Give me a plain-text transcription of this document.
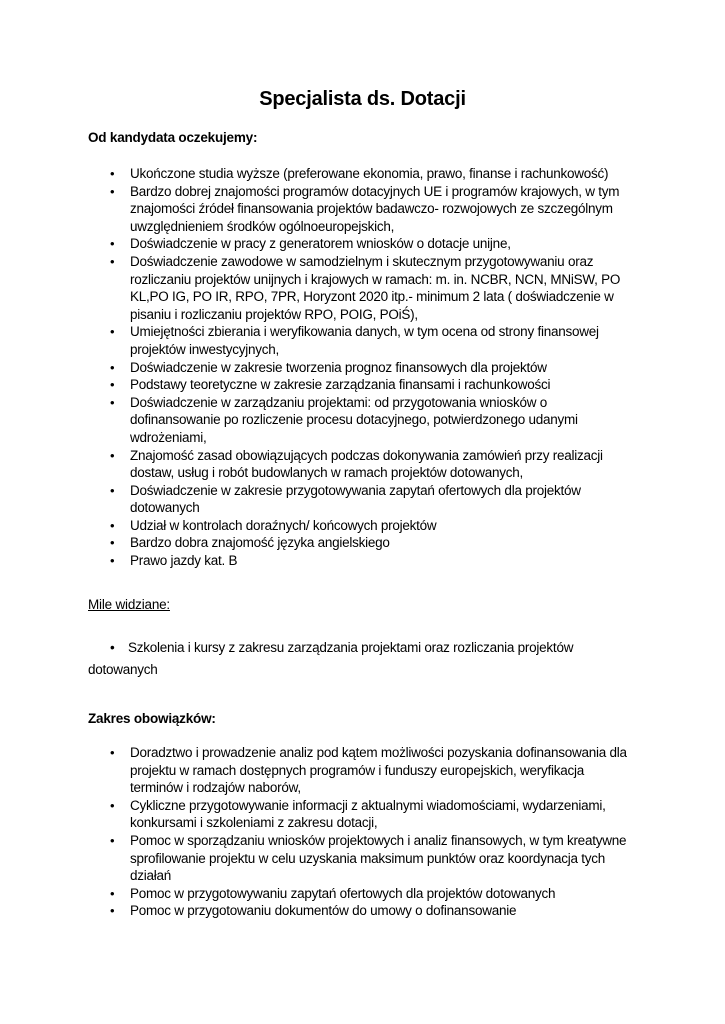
Specjalista ds. Dotacji
Od kandydata oczekujemy:
• Ukończone studia wyższe (preferowane ekonomia, prawo, finanse i rachunkowość)
• Bardzo dobrej znajomości programów dotacyjnych UE i programów krajowych, w tym znajomości źródeł finansowania projektów badawczo- rozwojowych ze szczególnym uwzględnieniem środków ogólnoeuropejskich,
• Doświadczenie w pracy z generatorem wniosków o dotacje unijne,
• Doświadczenie zawodowe w samodzielnym i skutecznym przygotowywaniu oraz rozliczaniu projektów unijnych i krajowych w ramach: m. in. NCBR, NCN, MNiSW, PO KL,PO IG, PO IR, RPO, 7PR, Horyzont 2020 itp.- minimum 2 lata ( doświadczenie w pisaniu i rozliczaniu projektów RPO, POIG, POiŚ),
• Umiejętności zbierania i weryfikowania danych, w tym ocena od strony finansowej projektów inwestycyjnych,
• Doświadczenie w zakresie tworzenia prognoz finansowych dla projektów
• Podstawy teoretyczne w zakresie zarządzania finansami i rachunkowości
• Doświadczenie w zarządzaniu projektami: od przygotowania wniosków o dofinansowanie po rozliczenie procesu dotacyjnego, potwierdzonego udanymi wdrożeniami,
• Znajomość zasad obowiązujących podczas dokonywania zamówień przy realizacji dostaw, usług i robót budowlanych w ramach projektów dotowanych,
• Doświadczenie w zakresie przygotowywania zapytań ofertowych dla projektów dotowanych
• Udział w kontrolach doraźnych/ końcowych projektów
• Bardzo dobra znajomość języka angielskiego
• Prawo jazdy kat. B
Mile widziane:
• Szkolenia i kursy z zakresu zarządzania projektami oraz rozliczania projektów
dotowanych
Zakres obowiązków:
• Doradztwo i prowadzenie analiz pod kątem możliwości pozyskania dofinansowania dla projektu w ramach dostępnych programów i funduszy europejskich, weryfikacja terminów i rodzajów naborów,
• Cykliczne przygotowywanie informacji z aktualnymi wiadomościami, wydarzeniami, konkursami i szkoleniami z zakresu dotacji,
• Pomoc w sporządzaniu wniosków projektowych i analiz finansowych, w tym kreatywne sprofilowanie projektu w celu uzyskania maksimum punktów oraz koordynacja tych działań
• Pomoc w przygotowywaniu zapytań ofertowych dla projektów dotowanych
• Pomoc w przygotowaniu dokumentów do umowy o dofinansowanie
